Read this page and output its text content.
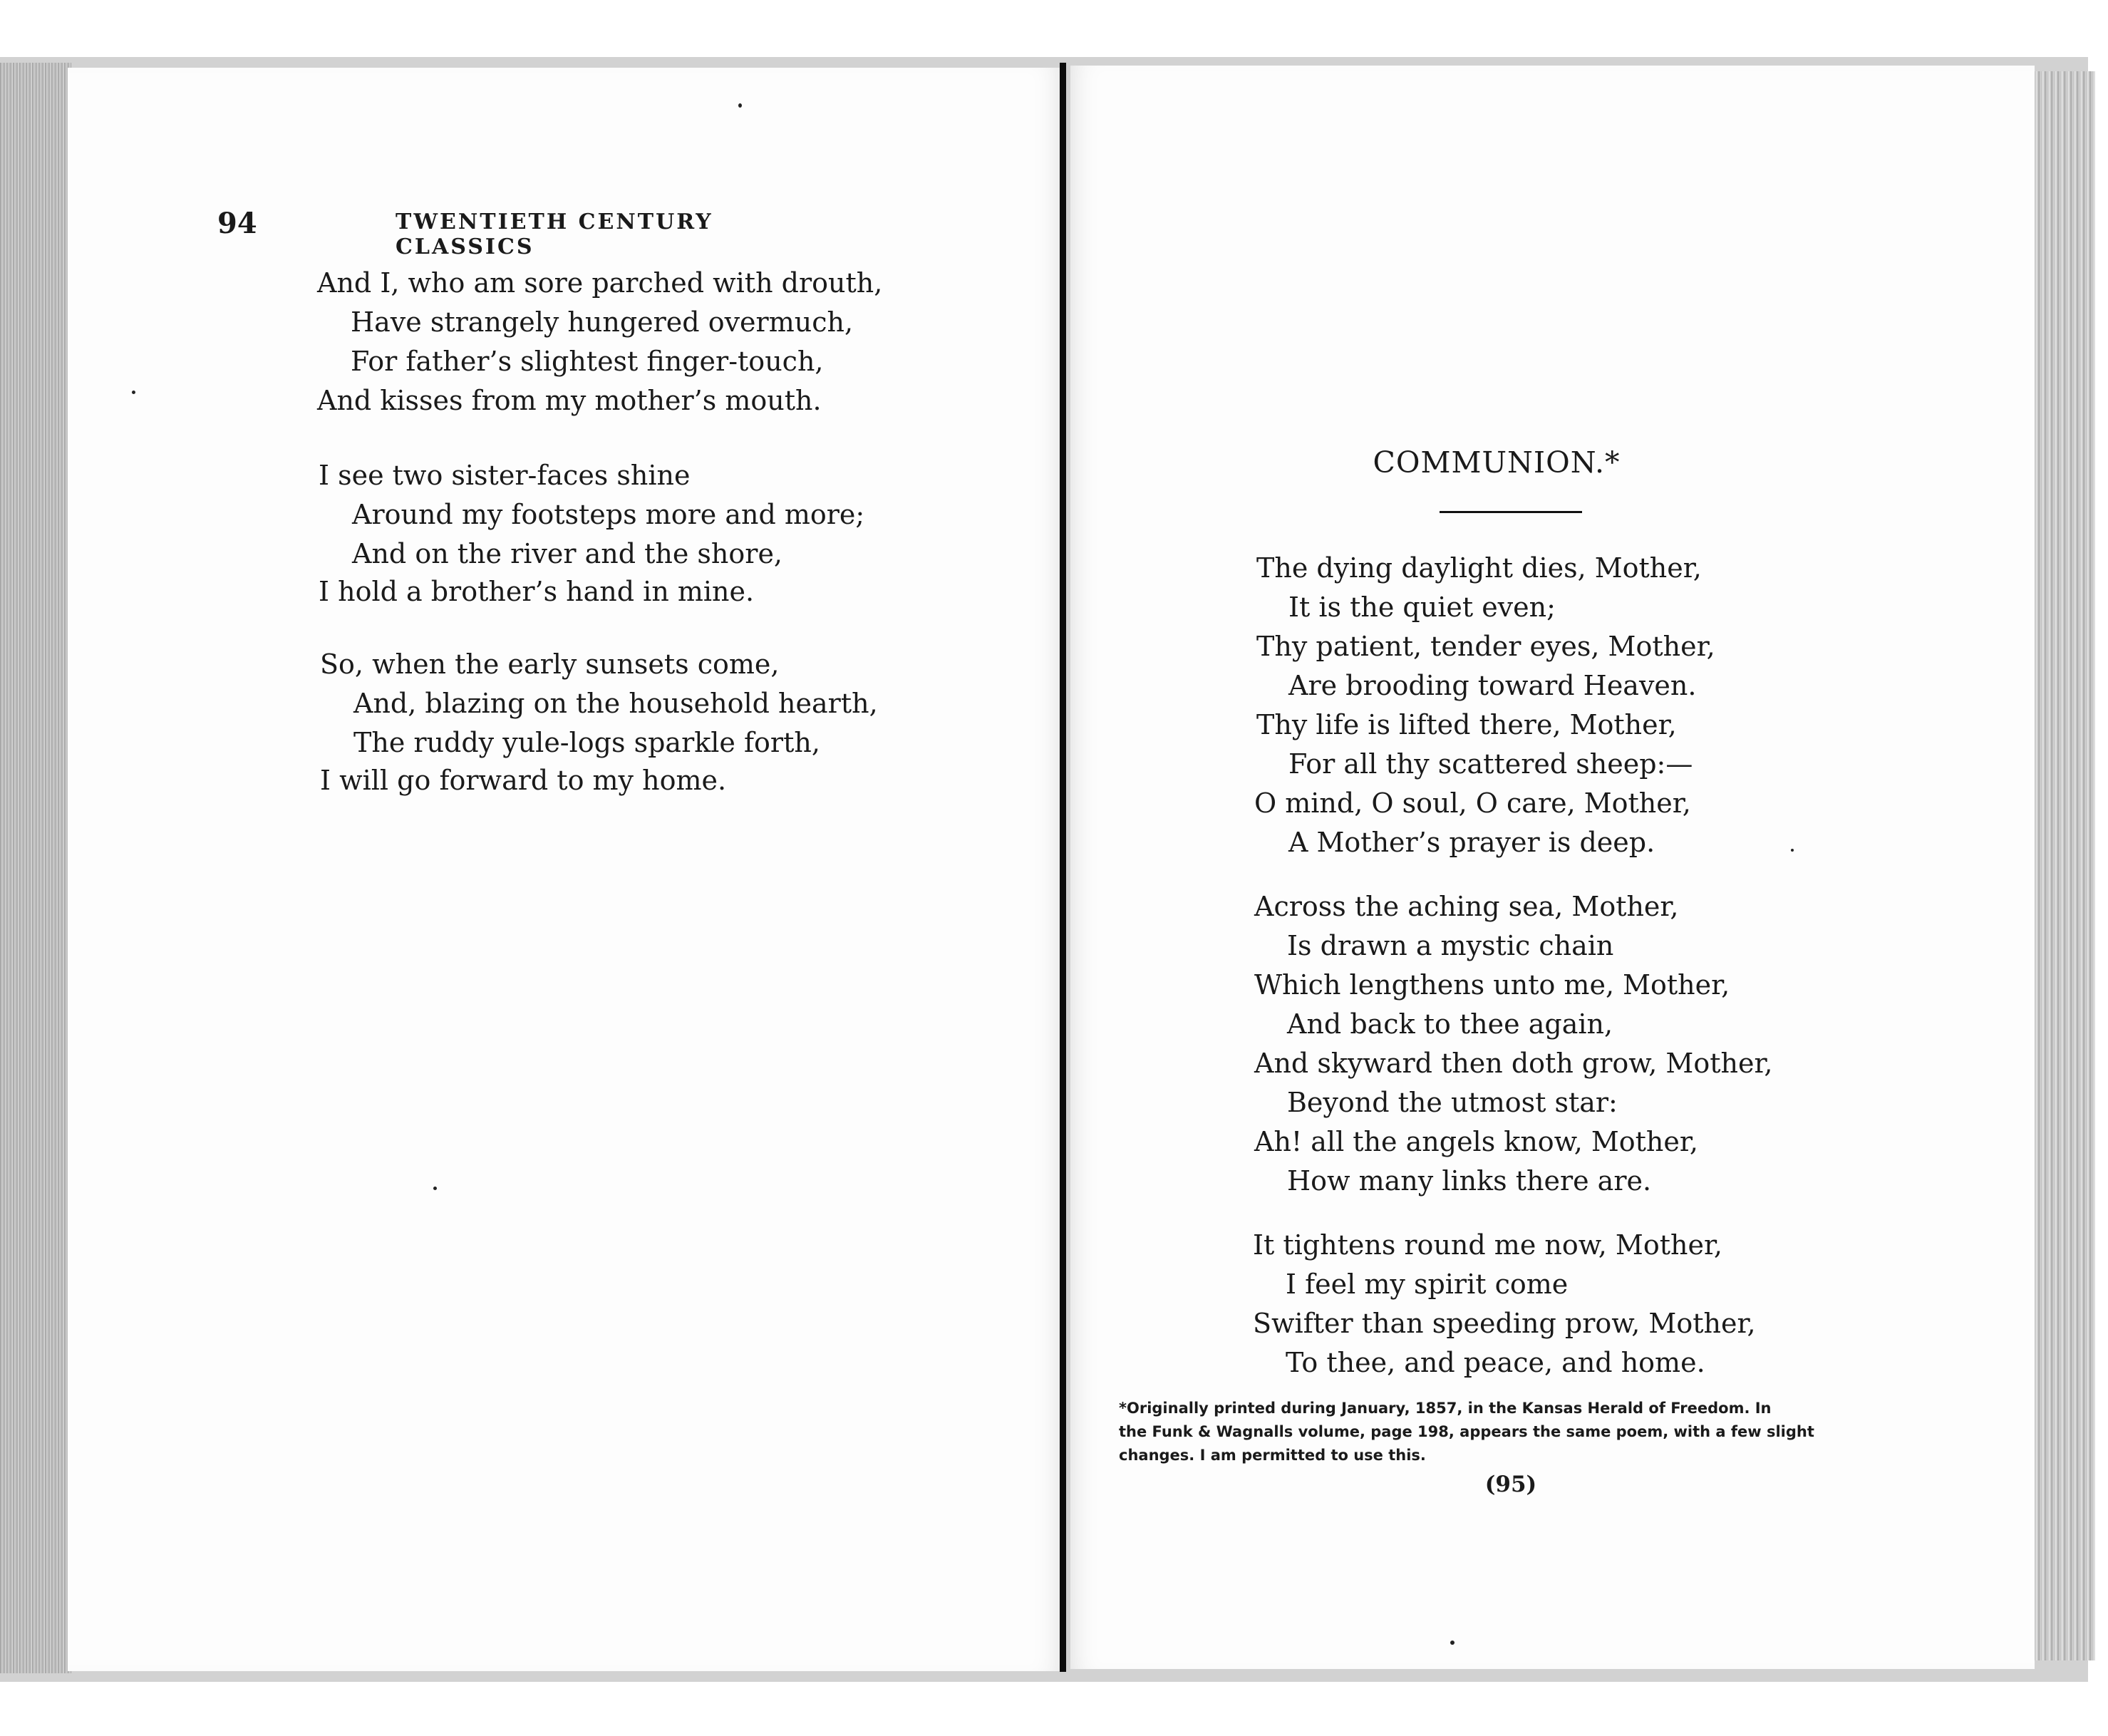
94	TWENTIETH CENTURY CLASSICS
And I, who am sore parched with drouth,
Have strangely hungered overmuch,
For father’s slightest finger-touch,
And kisses from my mother’s mouth.
I see two sister-faces shine
Around my footsteps more and more;
And on the river and the shore,
I hold a brother’s hand in mine.
So, when the early sunsets come,
And, blazing on the household hearth,
The ruddy yule-logs sparkle forth,
I will go forward to my home.
COMMUNION.*
The dying daylight dies, Mother,
It is the quiet even;
Thy patient, tender eyes, Mother,
Are brooding toward Heaven.
Thy life is lifted there, Mother,
For all thy scattered sheep:—
O mind, O soul, O care, Mother,
A Mother’s prayer is deep.
Across the aching sea, Mother,
Is drawn a mystic chain
Which lengthens unto me, Mother,
And back to thee again,
And skyward then doth grow, Mother,
Beyond the utmost star:
Ah! all the angels know, Mother,
How many links there are.
It tightens round me now, Mother,
I feel my spirit come
Swifter than speeding prow, Mother,
To thee, and peace, and home.
*Originally printed during January, 1857, in the Kansas Herald of Freedom. In
the Funk & Wagnalls volume, page 198, appears the same poem, with a few slight
changes. I am permitted to use this.
(95)
